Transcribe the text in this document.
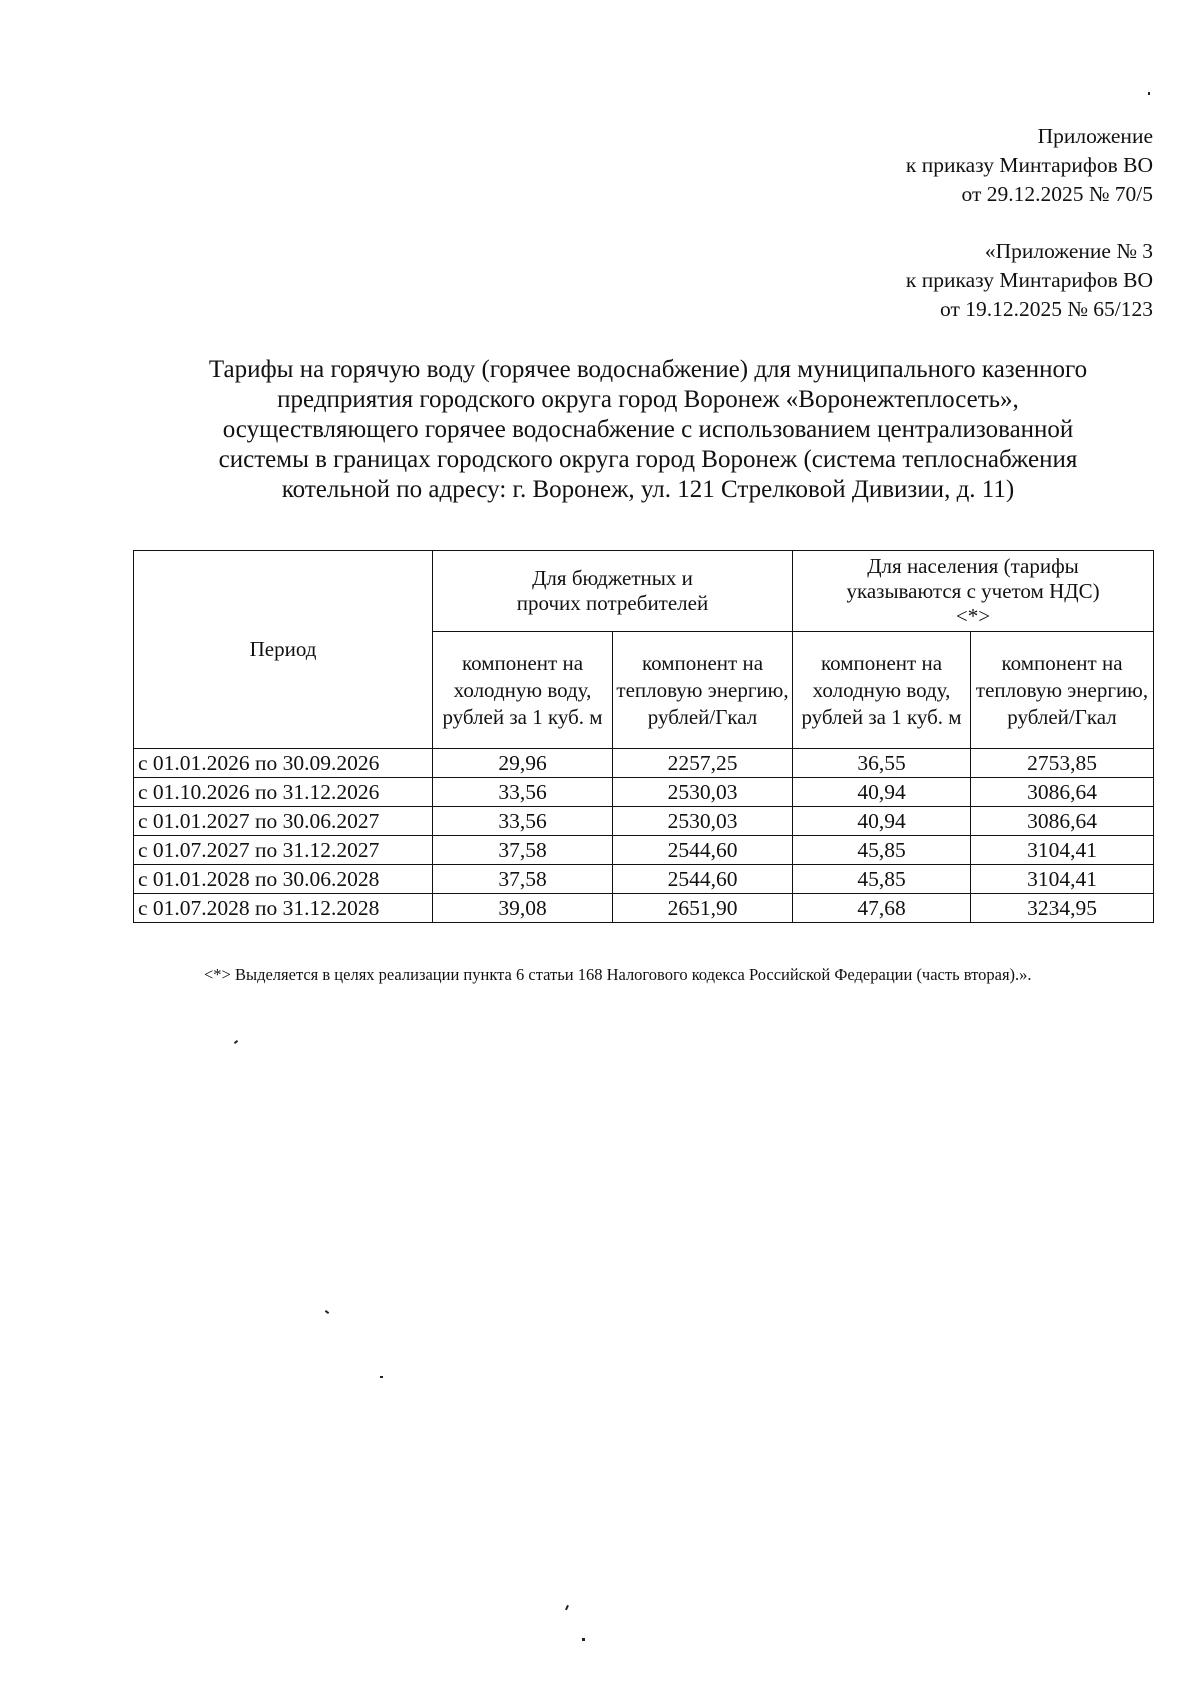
Приложение
к приказу Минтарифов ВО
от 29.12.2025 № 70/5
«Приложение № 3
к приказу Минтарифов ВО
от 19.12.2025 № 65/123
Тарифы на горячую воду (горячее водоснабжение) для муниципального казенного
предприятия городского округа город Воронеж «Воронежтеплосеть»,
осуществляющего горячее водоснабжение с использованием централизованной
системы в границах городского округа город Воронеж (система теплоснабжения
котельной по адресу: г. Воронеж, ул. 121 Стрелковой Дивизии, д. 11)
Период	Для бюджетных и прочих потребителей		Для населения (тарифы указываются с учетом НДС) <*>	
	компонент на холодную воду, рублей за 1 куб. м	компонент на тепловую энергию, рублей/Гкал	компонент на холодную воду, рублей за 1 куб. м	компонент на тепловую энергию, рублей/Гкал
с 01.01.2026 по 30.09.2026	29,96	2257,25	36,55	2753,85
с 01.10.2026 по 31.12.2026	33,56	2530,03	40,94	3086,64
с 01.01.2027 по 30.06.2027	33,56	2530,03	40,94	3086,64
с 01.07.2027 по 31.12.2027	37,58	2544,60	45,85	3104,41
с 01.01.2028 по 30.06.2028	37,58	2544,60	45,85	3104,41
с 01.07.2028 по 31.12.2028	39,08	2651,90	47,68	3234,95
<*> Выделяется в целях реализации пункта 6 статьи 168 Налогового кодекса Российской Федерации (часть вторая).».
